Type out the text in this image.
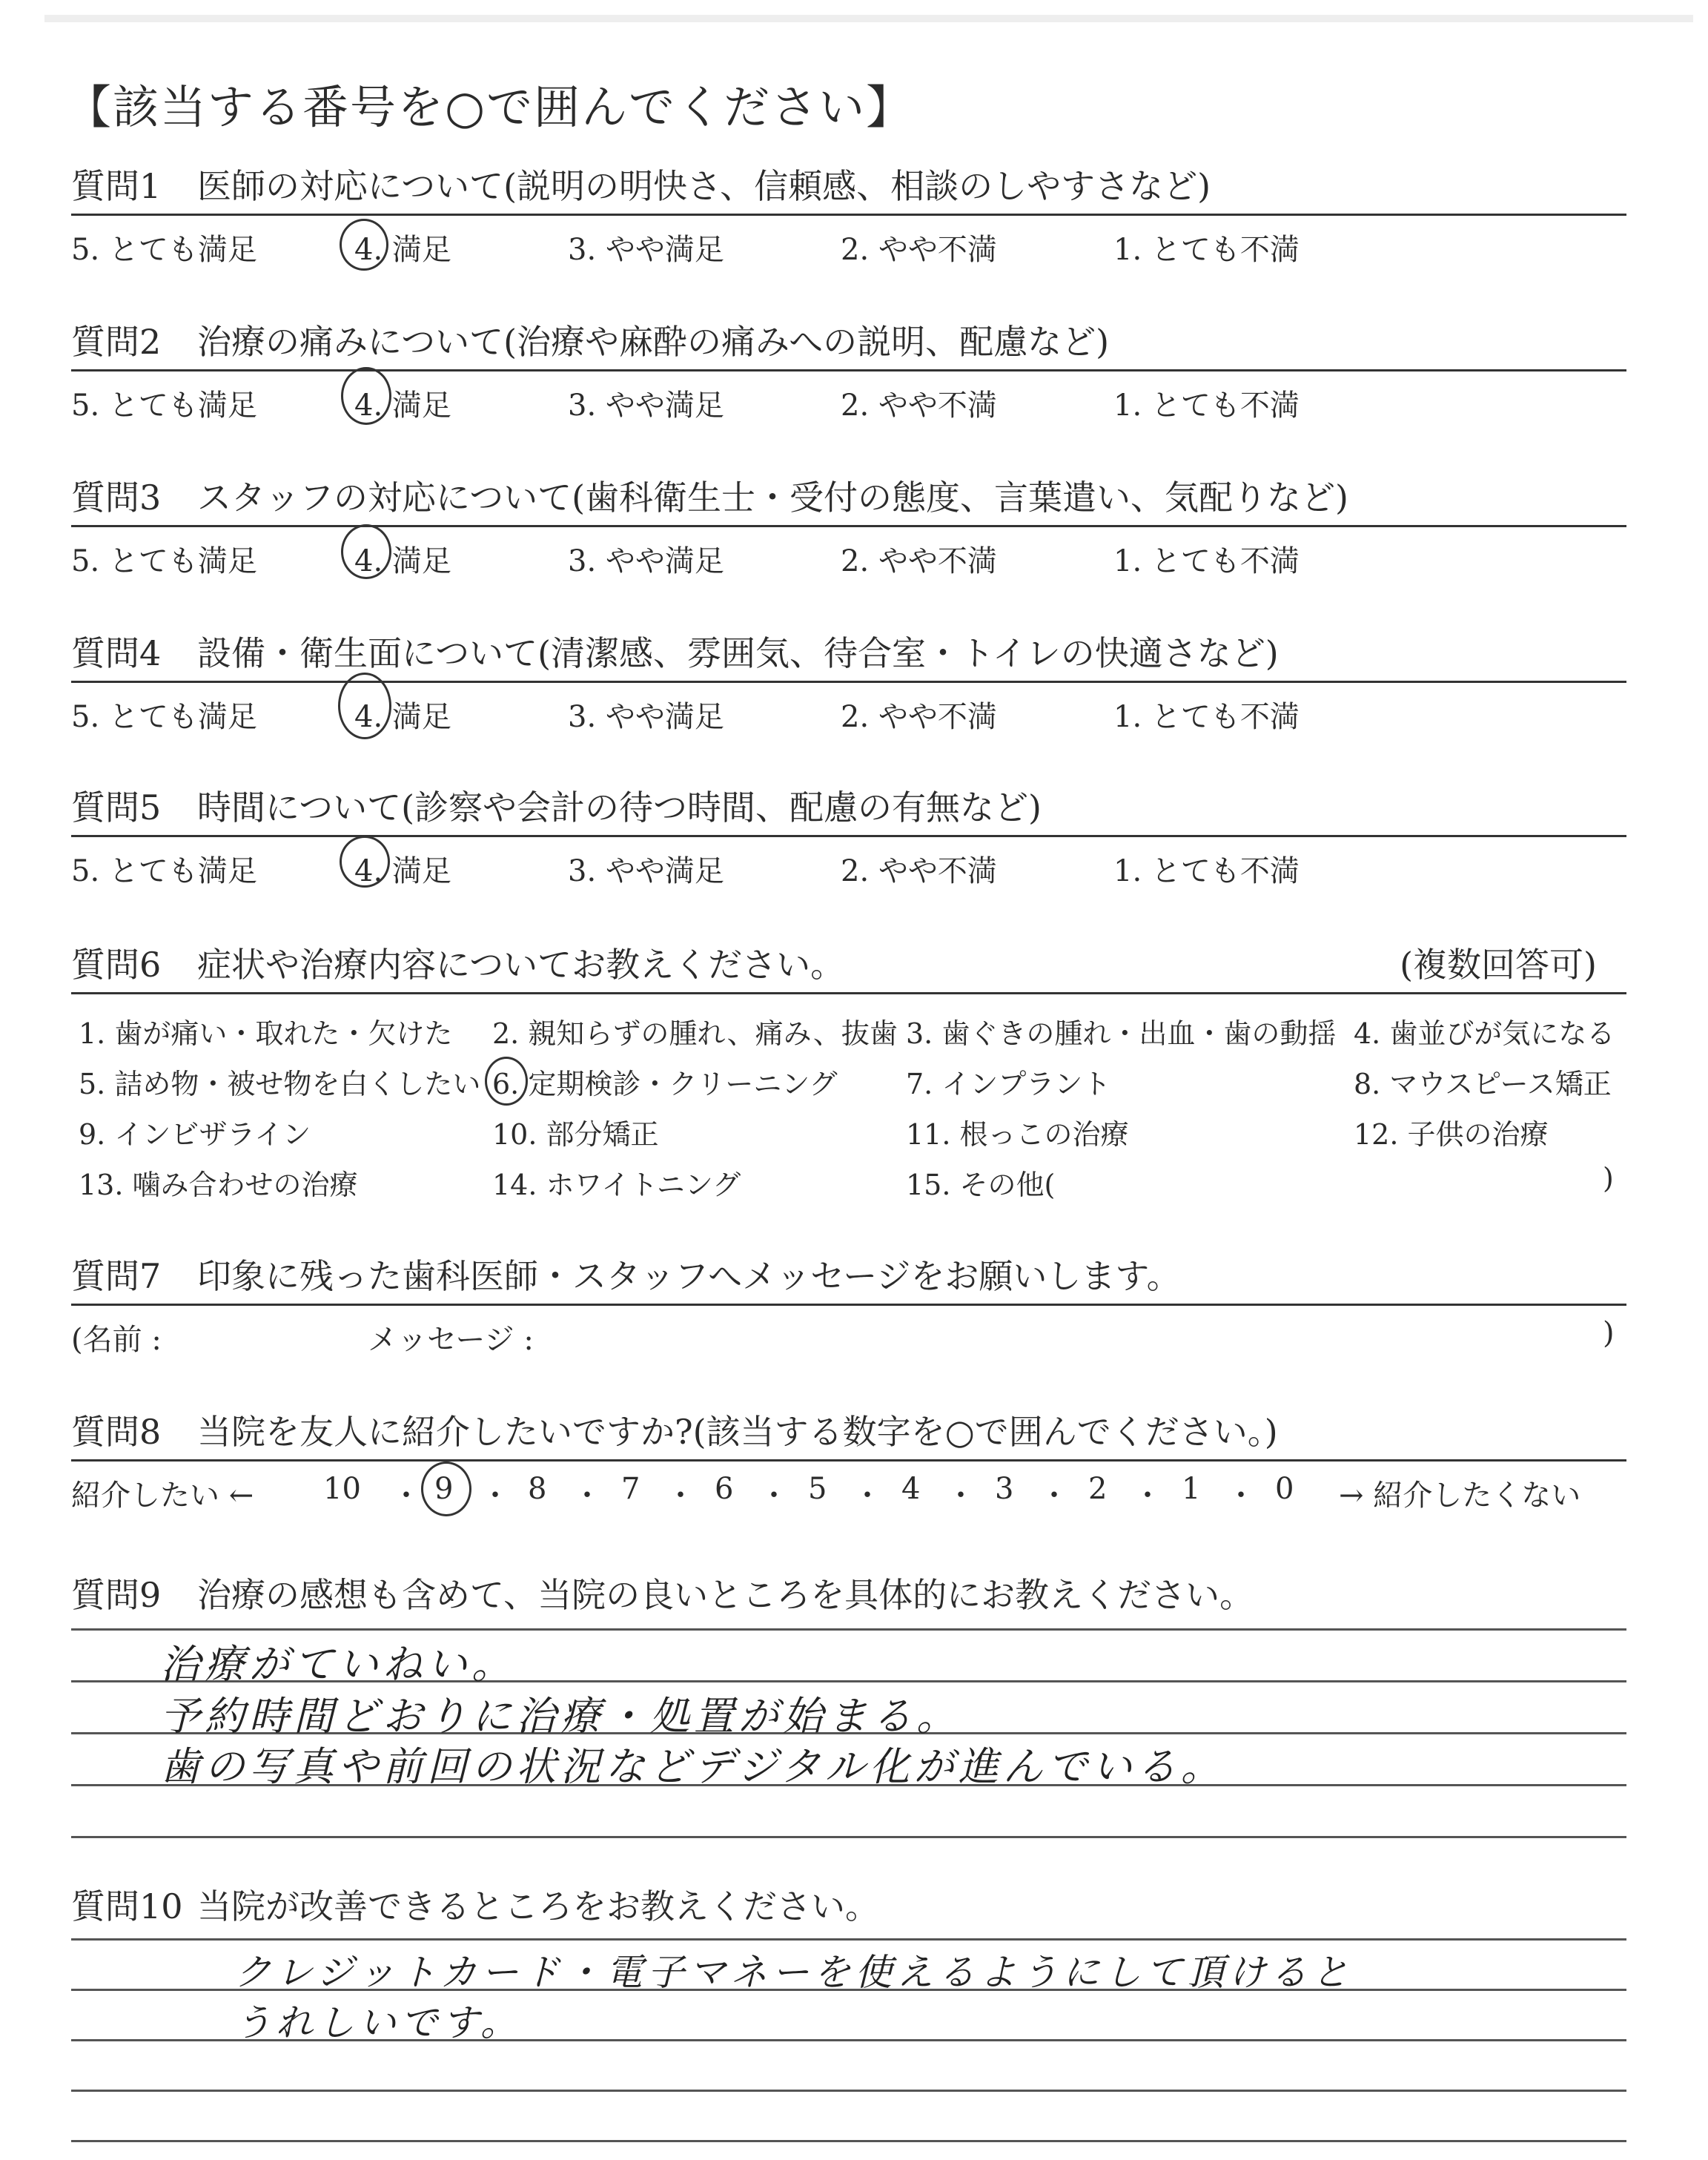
【該当する番号を○で囲んでください】
質問1 医師の対応について(説明の明快さ、信頼感、相談のしやすさなど)
5. とても満足	4. 満足	3. やや満足	2. やや不満	1. とても不満
質問2 治療の痛みについて(治療や麻酔の痛みへの説明、配慮など)
5. とても満足	4. 満足	3. やや満足	2. やや不満	1. とても不満
質問3 スタッフの対応について(歯科衛生士・受付の態度、言葉遣い、気配りなど)
5. とても満足	4. 満足	3. やや満足	2. やや不満	1. とても不満
質問4 設備・衛生面について(清潔感、雰囲気、待合室・トイレの快適さなど)
5. とても満足	4. 満足	3. やや満足	2. やや不満	1. とても不満
質問5 時間について(診察や会計の待つ時間、配慮の有無など)
5. とても満足	4. 満足	3. やや満足	2. やや不満	1. とても不満
質問6 症状や治療内容についてお教えください。	(複数回答可)
1. 歯が痛い・取れた・欠けた 2. 親知らずの腫れ、痛み、抜歯 3. 歯ぐきの腫れ・出血・歯の動揺 4. 歯並びが気になる
5. 詰め物・被せ物を白くしたい 6. 定期検診・クリーニング 7. インプラント	8. マウスピース矯正
9. インビザライン	10. 部分矯正	11. 根っこの治療	12. 子供の治療
13. 噛み合わせの治療	14. ホワイトニング	15. その他(	)
質問7 印象に残った歯科医師・スタッフへメッセージをお願いします。
(名前 :	メッセージ :	)
質問8 当院を友人に紹介したいですか?(該当する数字を○で囲んでください。)
紹介したい ← 10 ・ 9 ・ 8 ・ 7 ・ 6 ・ 5 ・ 4 ・ 3 ・ 2 ・ 1 ・ 0 → 紹介したくない
質問9 治療の感想も含めて、当院の良いところを具体的にお教えください。
治療がていねい。
予約時間どおりに治療・処置が始まる。
歯の写真や前回の状況などデジタル化が進んでいる。
質問10 当院が改善できるところをお教えください。
クレジットカード・電子マネーを使えるようにして頂けると
うれしいです。
